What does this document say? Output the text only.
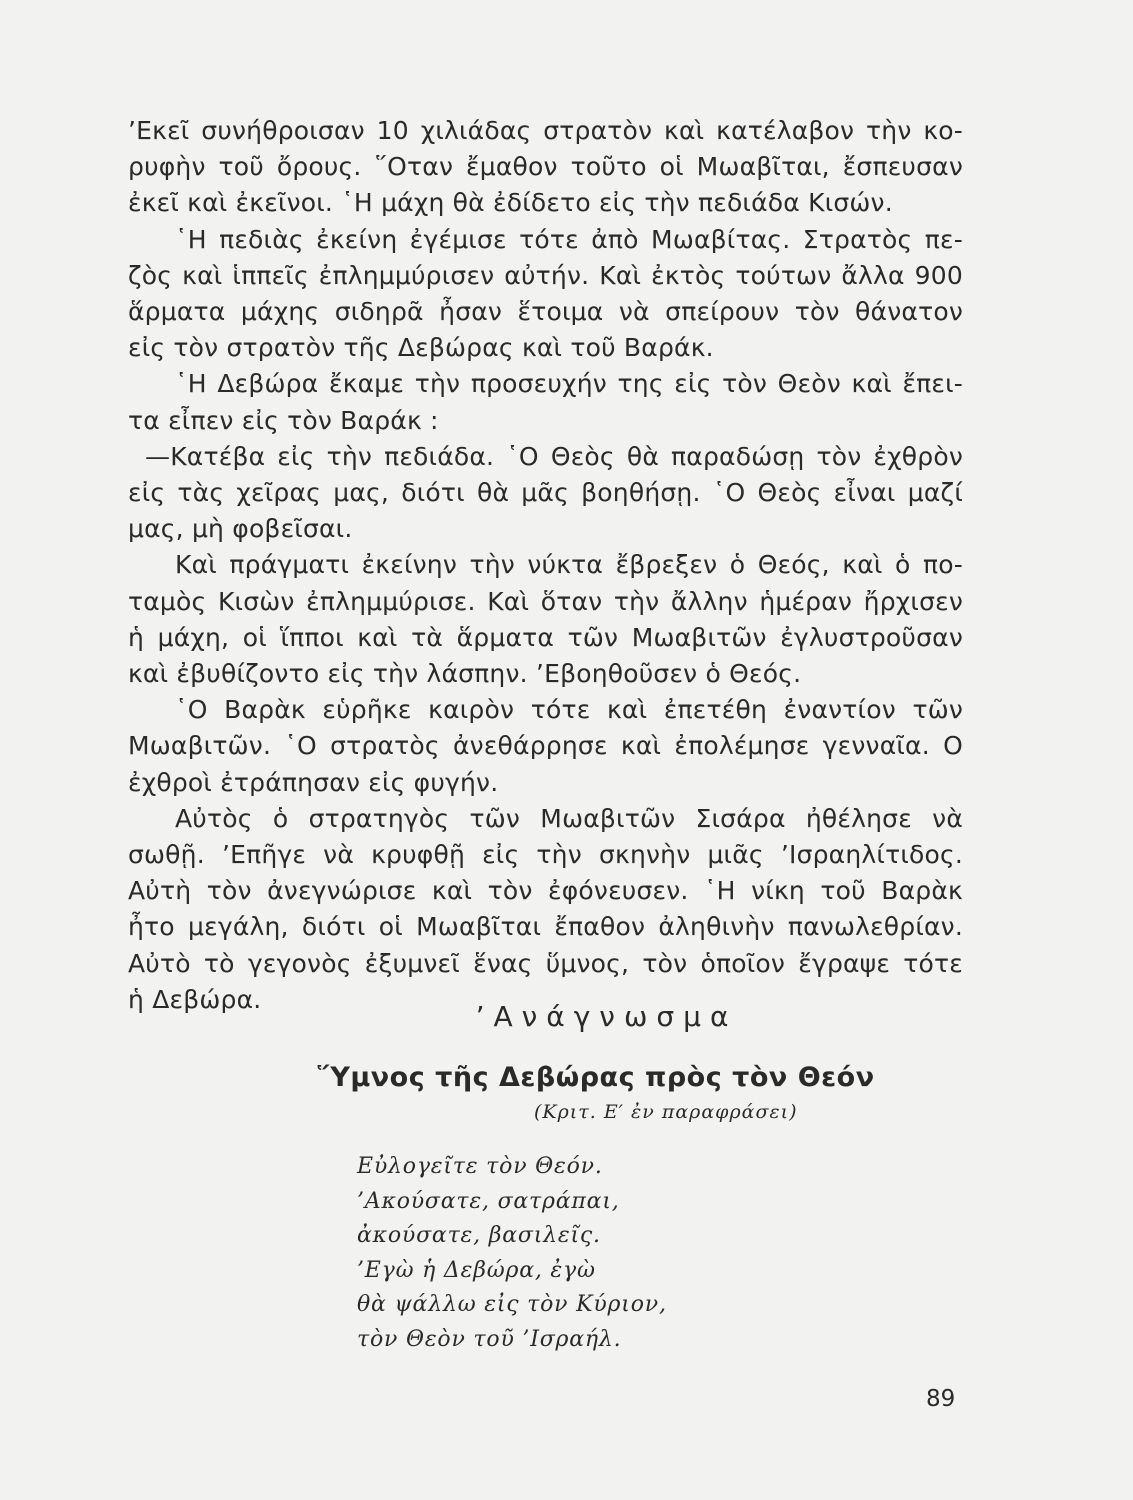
’Εκεῖ συνήθροισαν 10 χιλιάδας στρατὸν καὶ κατέλαβον τὴν κο-
ρυφὴν τοῦ ὄρους. ῞Οταν ἔμαθον τοῦτο οἱ Μωαβῖται, ἔσπευσαν
ἐκεῖ καὶ ἐκεῖνοι. ῾Η μάχη θὰ ἐδίδετο εἰς τὴν πεδιάδα Κισών.

῾Η πεδιὰς ἐκείνη ἐγέμισε τότε ἀπὸ Μωαβίτας. Στρατὸς πε-
ζὸς καὶ ἱππεῖς ἐπλημμύρισεν αὐτήν. Καὶ ἐκτὸς τούτων ἄλλα 900
ἅρματα μάχης σιδηρᾶ ἦσαν ἕτοιμα νὰ σπείρουν τὸν θάνατον
εἰς τὸν στρατὸν τῆς Δεβώρας καὶ τοῦ Βαράκ.

῾Η Δεβώρα ἔκαμε τὴν προσευχήν της εἰς τὸν Θεὸν καὶ ἔπει-
τα εἶπεν εἰς τὸν Βαράκ :

—Κατέβα εἰς τὴν πεδιάδα. ῾Ο Θεὸς θὰ παραδώσῃ τὸν ἐχθρὸν
εἰς τὰς χεῖρας μας, διότι θὰ μᾶς βοηθήσῃ. ῾Ο Θεὸς εἶναι μαζί
μας, μὴ φοβεῖσαι.

Καὶ πράγματι ἐκείνην τὴν νύκτα ἔβρεξεν ὁ Θεός, καὶ ὁ πο-
ταμὸς Κισὼν ἐπλημμύρισε. Καὶ ὅταν τὴν ἄλλην ἡμέραν ἤρχισεν
ἡ μάχη, οἱ ἵπποι καὶ τὰ ἅρματα τῶν Μωαβιτῶν ἐγλυστροῦσαν
καὶ ἐβυθίζοντο εἰς τὴν λάσπην. ’Εβοηθοῦσεν ὁ Θεός.

῾Ο Βαρὰκ εὑρῆκε καιρὸν τότε καὶ ἐπετέθη ἐναντίον τῶν
Μωαβιτῶν. ῾Ο στρατὸς ἀνεθάρρησε καὶ ἐπολέμησε γενναῖα. Ο
ἐχθροὶ ἐτράπησαν εἰς φυγήν.

Αὐτὸς ὁ στρατηγὸς τῶν Μωαβιτῶν Σισάρα ἠθέλησε νὰ
σωθῇ. ’Επῆγε νὰ κρυφθῇ εἰς τὴν σκηνὴν μιᾶς ’Ισραηλίτιδος.
Αὐτὴ τὸν ἀνεγνώρισε καὶ τὸν ἐφόνευσεν. ῾Η νίκη τοῦ Βαρὰκ
ἦτο μεγάλη, διότι οἱ Μωαβῖται ἔπαθον ἀληθινὴν πανωλεθρίαν.
Αὐτὸ τὸ γεγονὸς ἐξυμνεῖ ἕνας ὕμνος, τὸν ὁποῖον ἔγραψε τότε
ἡ Δεβώρα.

’Ανάγνωσμα
῞Υμνος τῆς Δεβώρας πρὸς τὸν Θεόν

(Κριτ. Ε′ ἐν παραφράσει)

Εὐλογεῖτε τὸν Θεόν.
’Ακούσατε, σατράπαι,
ἀκούσατε, βασιλεῖς.
’Εγὼ ἡ Δεβώρα, ἐγὼ
θὰ ψάλλω εἰς τὸν Κύριον,
τὸν Θεὸν τοῦ ’Ισραήλ.

89
